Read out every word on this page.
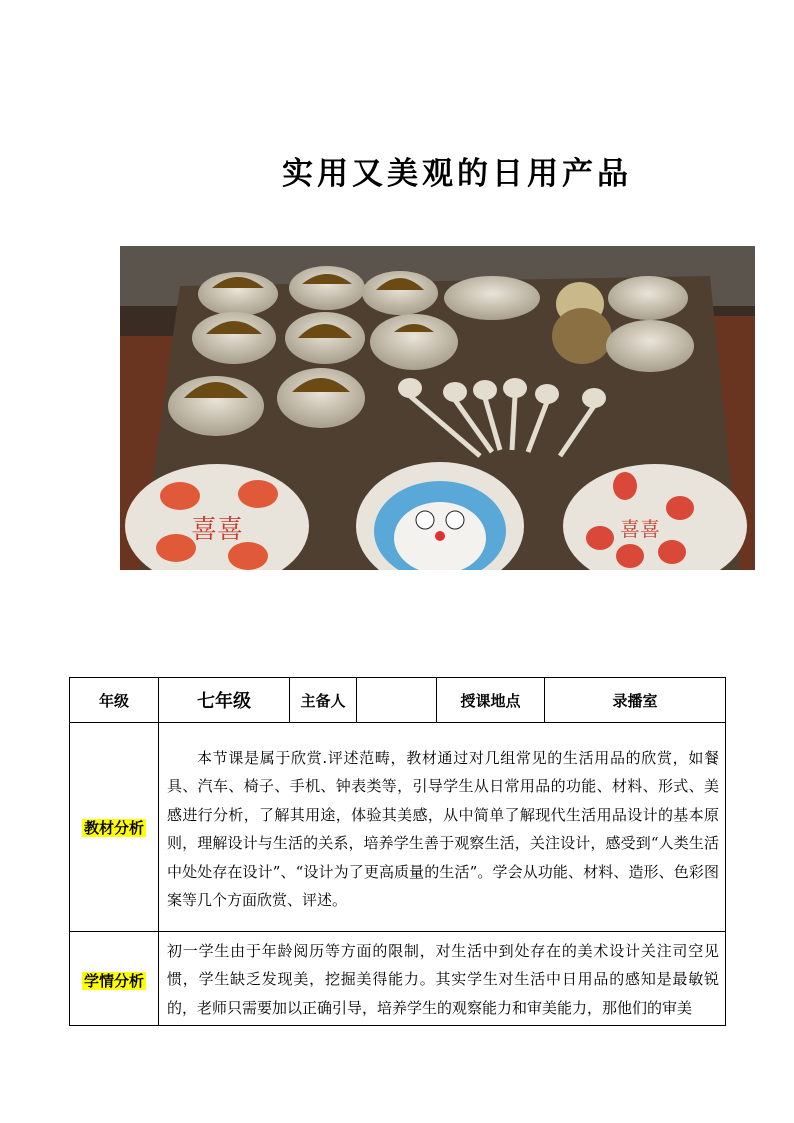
实用又美观的日用产品
喜喜	喜喜
年级	七年级	主备人		授课地点	录播室
教材分析	本节课是属于欣赏.评述范畴，教材通过对几组常见的生活用品的欣赏，如餐具、汽车、椅子、手机、钟表类等，引导学生从日常用品的功能、材料、形式、美感进行分析，了解其用途，体验其美感，从中简单了解现代生活用品设计的基本原则，理解设计与生活的关系，培养学生善于观察生活，关注设计，感受到“人类生活中处处存在设计”、“设计为了更高质量的生活”。学会从功能、材料、造形、色彩图案等几个方面欣赏、评述。				
学情分析	初一学生由于年龄阅历等方面的限制，对生活中到处存在的美术设计关注司空见惯，学生缺乏发现美，挖掘美得能力。其实学生对生活中日用品的感知是最敏锐的，老师只需要加以正确引导，培养学生的观察能力和审美能力，那他们的审美				
